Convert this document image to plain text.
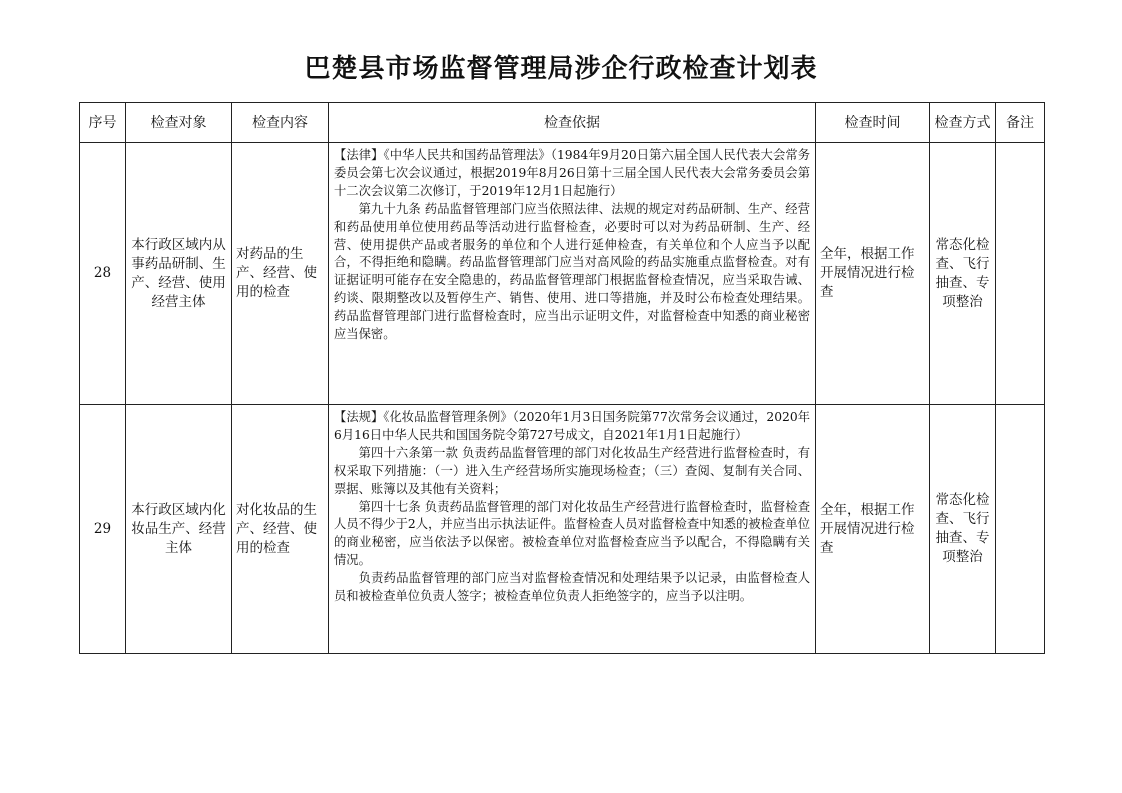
巴楚县市场监督管理局涉企行政检查计划表
序号	检查对象	检查内容	检查依据	检查时间	检查方式	备注
28	本行政区域内从事药品研制、生产、经营、使用经营主体	对药品的生产、经营、使用的检查	【法律】《中华人民共和国药品管理法》（1984年9月20日第六届全国人民代表大会常务委员会第七次会议通过，根据2019年8月26日第十三届全国人民代表大会常务委员会第十二次会议第二次修订，于2019年12月1日起施行）

第九十九条 药品监督管理部门应当依照法律、法规的规定对药品研制、生产、经营和药品使用单位使用药品等活动进行监督检查，必要时可以对为药品研制、生产、经营、使用提供产品或者服务的单位和个人进行延伸检查，有关单位和个人应当予以配合，不得拒绝和隐瞒。药品监督管理部门应当对高风险的药品实施重点监督检查。对有证据证明可能存在安全隐患的，药品监督管理部门根据监督检查情况，应当采取告诫、约谈、限期整改以及暂停生产、销售、使用、进口等措施，并及时公布检查处理结果。药品监督管理部门进行监督检查时，应当出示证明文件，对监督检查中知悉的商业秘密应当保密。	全年，根据工作开展情况进行检查	常态化检查、飞行抽查、专项整治	
29	本行政区域内化妆品生产、经营主体	对化妆品的生产、经营、使用的检查	【法规】《化妆品监督管理条例》（2020年1月3日国务院第77次常务会议通过，2020年6月16日中华人民共和国国务院令第727号成文，自2021年1月1日起施行）

第四十六条第一款 负责药品监督管理的部门对化妆品生产经营进行监督检查时，有权采取下列措施：（一）进入生产经营场所实施现场检查；（三）查阅、复制有关合同、票据、账簿以及其他有关资料；

第四十七条 负责药品监督管理的部门对化妆品生产经营进行监督检查时，监督检查人员不得少于2人，并应当出示执法证件。监督检查人员对监督检查中知悉的被检查单位的商业秘密，应当依法予以保密。被检查单位对监督检查应当予以配合，不得隐瞒有关情况。

负责药品监督管理的部门应当对监督检查情况和处理结果予以记录，由监督检查人员和被检查单位负责人签字；被检查单位负责人拒绝签字的，应当予以注明。	全年，根据工作开展情况进行检查	常态化检查、飞行抽查、专项整治	
